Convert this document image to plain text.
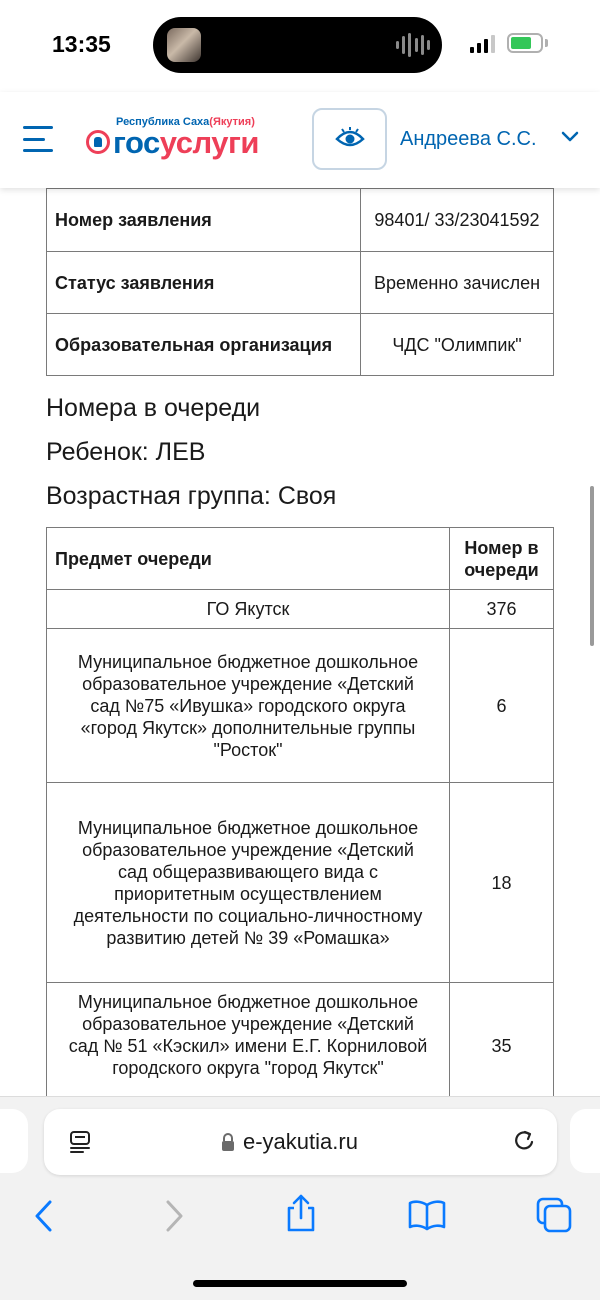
13:35
Республика Саха(Якутия)
госуслуги	Андреева С.С.
Номер заявления	98401/ 33/23041592
Статус заявления	Временно зачислен
Образовательная организация	ЧДС "Олимпик"
Номера в очереди
Ребенок: ЛЕВ
Возрастная группа: Своя
Предмет очереди	Номер в очереди
ГО Якутск	376
Муниципальное бюджетное дошкольное образовательное учреждение «Детский сад №75 «Ивушка» городского округа «город Якутск» дополнительные группы "Росток"	6
Муниципальное бюджетное дошкольное образовательное учреждение «Детский сад общеразвивающего вида с приоритетным осуществлением деятельности по социально-личностному развитию детей № 39 «Ромашка»	18
Муниципальное бюджетное дошкольное образовательное учреждение «Детский сад № 51 «Кэскил» имени Е.Г. Корниловой городского округа "город Якутск"	35
e-yakutia.ru
